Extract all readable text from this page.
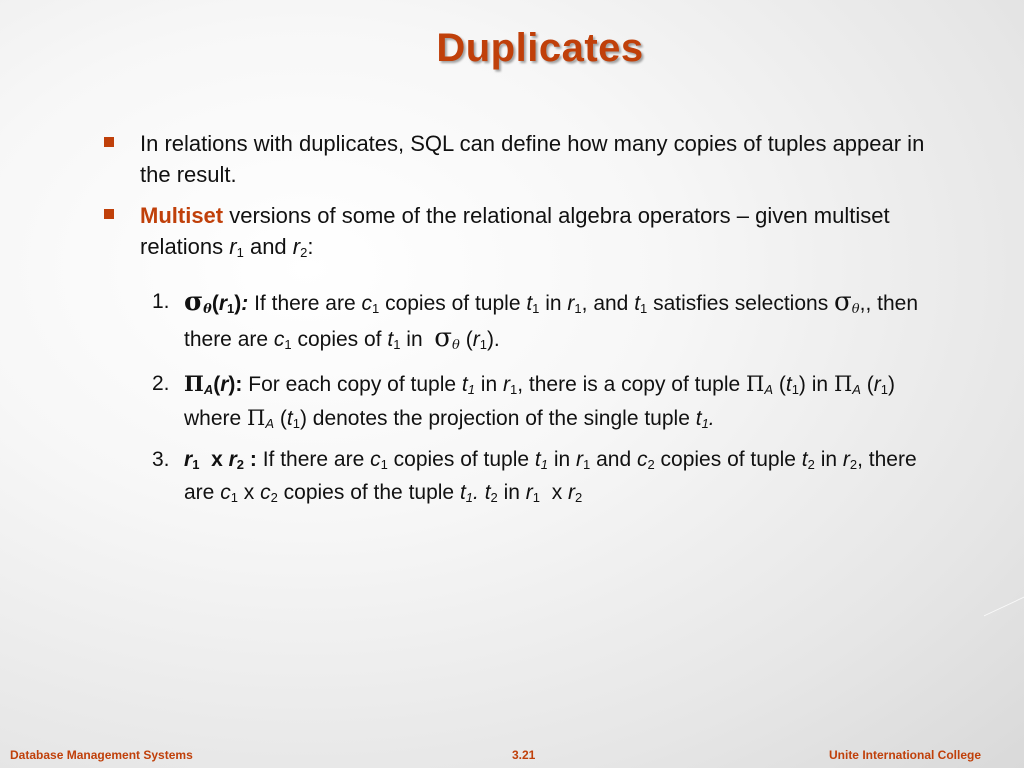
Duplicates
In relations with duplicates, SQL can define how many copies of tuples appear in the result.
Multiset versions of some of the relational algebra operators – given multiset relations $r_1$ and $r_2$:
1. $\sigma_\theta(r_1)$: If there are $c_1$ copies of tuple $t_1$ in $r_1$, and $t_1$ satisfies selections $\sigma_\theta$,, then there are $c_1$ copies of $t_1$ in  $\sigma_\theta$ $(r_1)$.
2. $\Pi_A(r)$: For each copy of tuple $t_1$ in $r_1$, there is a copy of tuple $\Pi_A$ $(t_1)$ in $\Pi_A$ $(r_1)$ where $\Pi_A$ $(t_1)$ denotes the projection of the single tuple $t_1$.
3. $r_1$  x $r_2$ : If there are $c_1$ copies of tuple $t_1$ in $r_1$ and $c_2$ copies of tuple $t_2$ in $r_2$, there are $c_1$ x $c_2$ copies of the tuple $t_1$. $t_2$ in $r_1$  x $r_2$
Database Management Systems	3.21	Unite International College
